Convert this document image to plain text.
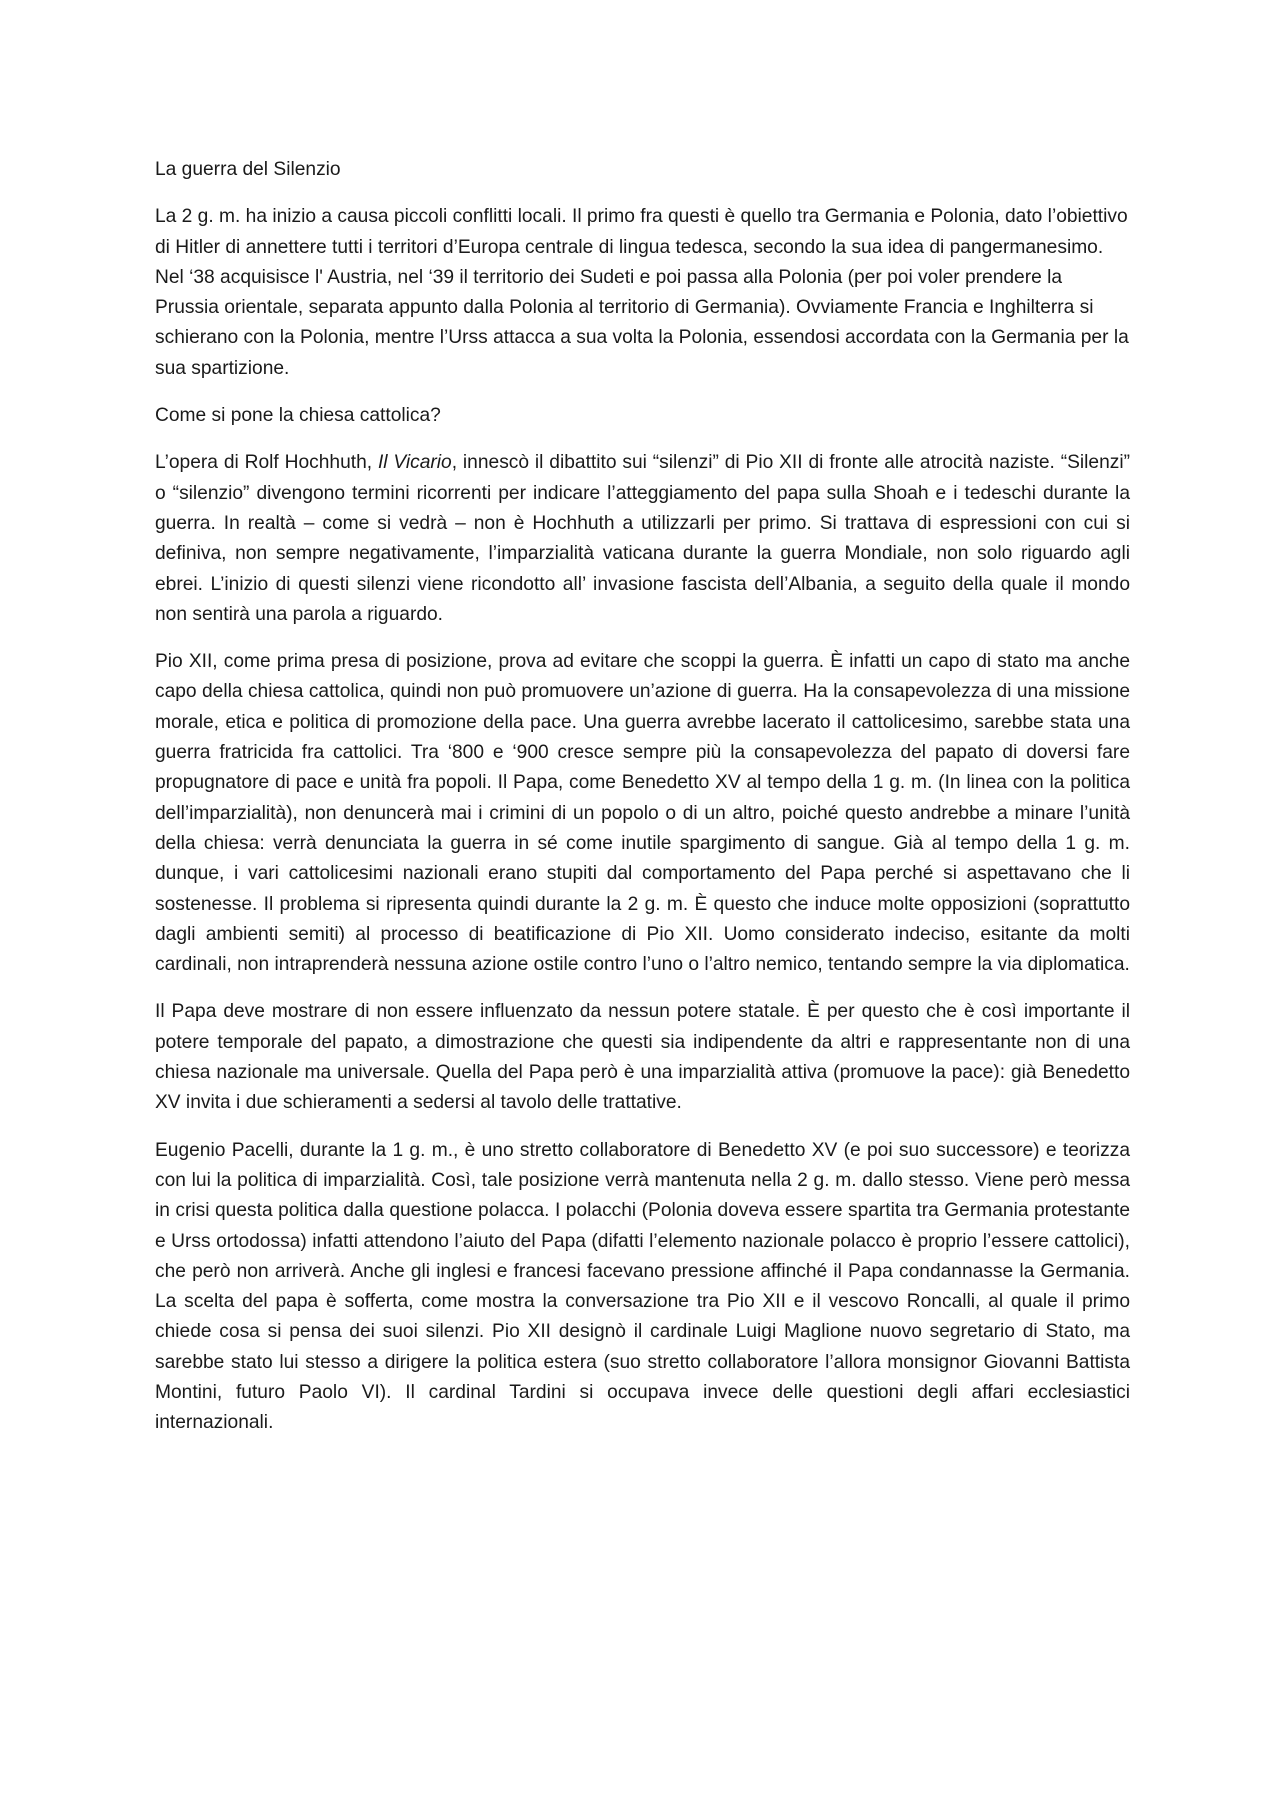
La guerra del Silenzio

La 2 g. m. ha inizio a causa piccoli conflitti locali. Il primo fra questi è quello tra Germania e Polonia, dato l’obiettivo di Hitler di annettere tutti i territori d’Europa centrale di lingua tedesca, secondo la sua idea di pangermanesimo. Nel ‘38 acquisisce l' Austria, nel ‘39 il territorio dei Sudeti e poi passa alla Polonia (per poi voler prendere la Prussia orientale, separata appunto dalla Polonia al territorio di Germania). Ovviamente Francia e Inghilterra si schierano con la Polonia, mentre l’Urss attacca a sua volta la Polonia, essendosi accordata con la Germania per la sua spartizione.

Come si pone la chiesa cattolica?

L’opera di Rolf Hochhuth, Il Vicario, innescò il dibattito sui “silenzi” di Pio XII di fronte alle atrocità naziste. “Silenzi” o “silenzio” divengono termini ricorrenti per indicare l’atteggiamento del papa sulla Shoah e i tedeschi durante la guerra. In realtà – come si vedrà – non è Hochhuth a utilizzarli per primo. Si trattava di espressioni con cui si definiva, non sempre negativamente, l’imparzialità vaticana durante la guerra Mondiale, non solo riguardo agli ebrei. L’inizio di questi silenzi viene ricondotto all’ invasione fascista dell’Albania, a seguito della quale il mondo non sentirà una parola a riguardo.

Pio XII, come prima presa di posizione, prova ad evitare che scoppi la guerra. È infatti un capo di stato ma anche capo della chiesa cattolica, quindi non può promuovere un’azione di guerra. Ha la consapevolezza di una missione morale, etica e politica di promozione della pace. Una guerra avrebbe lacerato il cattolicesimo, sarebbe stata una guerra fratricida fra cattolici. Tra ‘800 e ‘900 cresce sempre più la consapevolezza del papato di doversi fare propugnatore di pace e unità fra popoli. Il Papa, come Benedetto XV al tempo della 1 g. m. (In linea con la politica dell’imparzialità), non denuncerà mai i crimini di un popolo o di un altro, poiché questo andrebbe a minare l’unità della chiesa: verrà denunciata la guerra in sé come inutile spargimento di sangue. Già al tempo della 1 g. m. dunque, i vari cattolicesimi nazionali erano stupiti dal comportamento del Papa perché si aspettavano che li sostenesse. Il problema si ripresenta quindi durante la 2 g. m. È questo che induce molte opposizioni (soprattutto dagli ambienti semiti) al processo di beatificazione di Pio XII. Uomo considerato indeciso, esitante da molti cardinali, non intraprenderà nessuna azione ostile contro l’uno o l’altro nemico, tentando sempre la via diplomatica.

Il Papa deve mostrare di non essere influenzato da nessun potere statale. È per questo che è così importante il potere temporale del papato, a dimostrazione che questi sia indipendente da altri e rappresentante non di una chiesa nazionale ma universale. Quella del Papa però è una imparzialità attiva (promuove la pace): già Benedetto XV invita i due schieramenti a sedersi al tavolo delle trattative.

Eugenio Pacelli, durante la 1 g. m., è uno stretto collaboratore di Benedetto XV (e poi suo successore) e teorizza con lui la politica di imparzialità. Così, tale posizione verrà mantenuta nella 2 g. m. dallo stesso. Viene però messa in crisi questa politica dalla questione polacca. I polacchi (Polonia doveva essere spartita tra Germania protestante e Urss ortodossa) infatti attendono l’aiuto del Papa (difatti l’elemento nazionale polacco è proprio l’essere cattolici), che però non arriverà. Anche gli inglesi e francesi facevano pressione affinché il Papa condannasse la Germania. La scelta del papa è sofferta, come mostra la conversazione tra Pio XII e il vescovo Roncalli, al quale il primo chiede cosa si pensa dei suoi silenzi. Pio XII designò il cardinale Luigi Maglione nuovo segretario di Stato, ma sarebbe stato lui stesso a dirigere la politica estera (suo stretto collaboratore l’allora monsignor Giovanni Battista Montini, futuro Paolo VI). Il cardinal Tardini si occupava invece delle questioni degli affari ecclesiastici internazionali.
